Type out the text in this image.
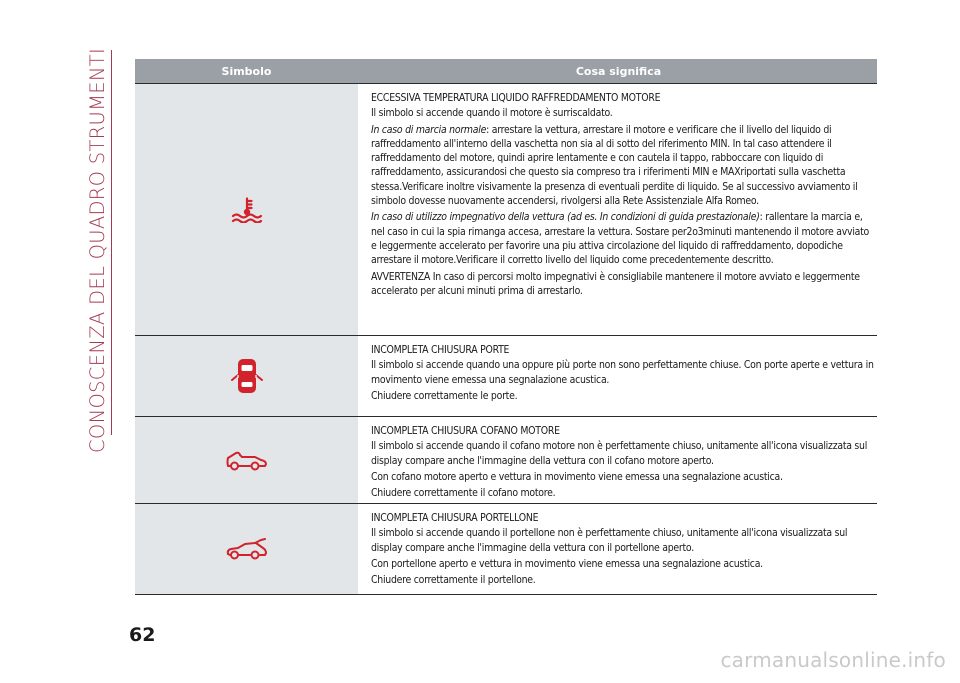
CONOSCENZA DEL QUADRO STRUMENTI	Simbolo	Cosa significa

ECCESSIVA TEMPERATURA LIQUIDO RAFFREDDAMENTO MOTORE

Il simbolo si accende quando il motore è surriscaldato.

In caso di marcia normale: arrestare la vettura, arrestare il motore e verificare che il livello del liquido di raffreddamento all'interno della vaschetta non sia al di sotto del riferimento MIN. In tal caso attendere il raffreddamento del motore, quindi aprire lentamente e con cautela il tappo, rabboccare con liquido di raffreddamento, assicurandosi che questo sia compreso tra i riferimenti MIN e MAXriportati sulla vaschetta stessa.Verificare inoltre visivamente la presenza di eventuali perdite di liquido. Se al successivo avviamento il simbolo dovesse nuovamente accendersi, rivolgersi alla Rete Assistenziale Alfa Romeo.

In caso di utilizzo impegnativo della vettura (ad es. In condizioni di guida prestazionale): rallentare la marcia e, nel caso in cui la spia rimanga accesa, arrestare la vettura. Sostare per2o3minuti mantenendo il motore avviato e leggermente accelerato per favorire una piu attiva circolazione del liquido di raffreddamento, dopodiche arrestare il motore.Verificare il corretto livello del liquido come precedentemente descritto.

AVVERTENZA In caso di percorsi molto impegnativi è consigliabile mantenere il motore avviato e leggermente accelerato per alcuni minuti prima di arrestarlo.

INCOMPLETA CHIUSURA PORTE

Il simbolo si accende quando una oppure più porte non sono perfettamente chiuse. Con porte aperte e vettura in movimento viene emessa una segnalazione acustica.

Chiudere correttamente le porte.

INCOMPLETA CHIUSURA COFANO MOTORE

Il simbolo si accende quando il cofano motore non è perfettamente chiuso, unitamente all'icona visualizzata sul display compare anche l'immagine della vettura con il cofano motore aperto.

Con cofano motore aperto e vettura in movimento viene emessa una segnalazione acustica.

Chiudere correttamente il cofano motore.

INCOMPLETA CHIUSURA PORTELLONE

Il simbolo si accende quando il portellone non è perfettamente chiuso, unitamente all'icona visualizzata sul display compare anche l'immagine della vettura con il portellone aperto.

Con portellone aperto e vettura in movimento viene emessa una segnalazione acustica.

Chiudere correttamente il portellone.

62
carmanualsonline.info
